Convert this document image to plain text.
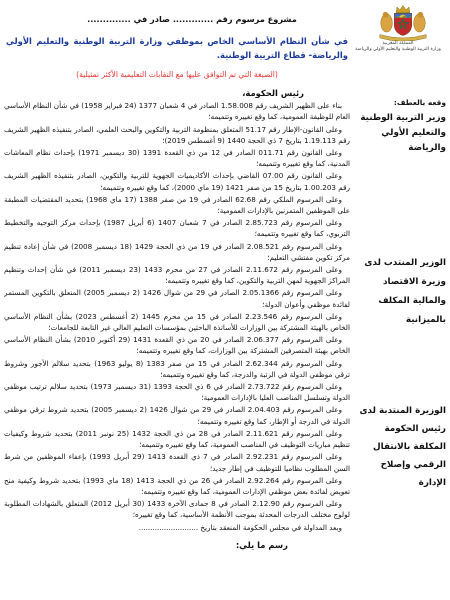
المملكة المغربية
وزارة التربية الوطنية والتعليم الأولي والرياضة
مشروع مرسوم رقم ............. صادر في ..............
في شأن النظام الأساسي الخاص بموظفي وزارة التربية الوطنية والتعليم الأولي والرياضة- قطاع التربية الوطنية.
(الصيغة التي تم التوافق عليها مع النقابات التعليمية الأكثر تمثيلية)
رئيس الحكومة،

بناء على الظهير الشريف رقم 1.58.008 الصادر في 4 شعبان 1377 (24 فبراير 1958) في شأن النظام الأساسي العام للوظيفة العمومية، كما وقع تغييره وتتميمه؛

وعلى القانون-الإطار رقم 51.17 المتعلق بمنظومة التربية والتكوين والبحث العلمي، الصادر بتنفيذه الظهير الشريف رقم 1.19.113 بتاريخ 7 ذي الحجة 1440 (9 أغسطس 2019)؛

وعلى القانون رقم 011.71 الصادر في 12 من ذي القعدة 1391 (30 ديسمبر 1971) بإحداث نظام المعاشات المدنية، كما وقع تغييره وتتميمه؛

وعلى القانون رقم 07.00 القاضي بإحداث الأكاديميات الجهوية للتربية والتكوين، الصادر بتنفيذه الظهير الشريف رقم 1.00.203 بتاريخ 15 من صفر 1421 (19 ماي 2000)، كما وقع تغييره وتتميمه؛

وعلى المرسوم الملكي رقم 62.68 الصادر في 19 من صفر 1388 (17 ماي 1968) بتحديد المقتضيات المطبقة على الموظفين المتمرنين بالإدارات العمومية؛

وعلى المرسوم رقم 2.85.723 الصادر في 7 شعبان 1407 (6 أبريل 1987) بإحداث مركز التوجيه والتخطيط التربوي، كما وقع تغييره وتتميمه؛

وعلى المرسوم رقم 2.08.521 الصادر في 19 من ذي الحجة 1429 (18 ديسمبر 2008) في شأن إعادة تنظيم مركز تكوين مفتشي التعليم؛

وعلى المرسوم رقم 2.11.672 الصادر في 27 من محرم 1433 (23 ديسمبر 2011) في شأن إحداث وتنظيم المراكز الجهوية لمهن التربية والتكوين، كما وقع تغييره وتتميمه؛

وعلى المرسوم رقم 2.05.1366 الصادر في 29 من شوال 1426 (2 ديسمبر 2005) المتعلق بالتكوين المستمر لفائدة موظفي وأعوان الدولة؛

وعلى المرسوم رقم 2.23.546 الصادر في 15 من محرم 1445 (2 أغسطس 2023) بشأن النظام الأساسي الخاص بالهيئة المشتركة بين الوزارات للأساتذة الباحثين بمؤسسات التعليم العالي غير التابعة للجامعات؛

وعلى المرسوم رقم 2.06.377 الصادر في 20 من ذي القعدة 1431 (29 أكتوبر 2010) بشأن النظام الأساسي الخاص بهيئة المتصرفين المشتركة بين الوزارات، كما وقع تغييره وتتميمه؛

وعلى المرسوم رقم 2.62.344 الصادر في 15 من صفر 1383 (8 يوليو 1963) بتحديد سلالم الأجور وشروط ترقي موظفي الدولة في الرتبة والدرجة، كما وقع تغييره وتتميمه؛

وعلى المرسوم رقم 2.73.722 الصادر في 6 ذي الحجة 1393 (31 ديسمبر 1973) بتحديد سلالم ترتيب موظفي الدولة وتسلسل المناصب العليا بالإدارات العمومية؛

وعلى المرسوم رقم 2.04.403 الصادر في 29 من شوال 1426 (2 ديسمبر 2005) بتحديد شروط ترقي موظفي الدولة في الدرجة أو الإطار، كما وقع تغييره وتتميمه؛

وعلى المرسوم رقم 2.11.621 الصادر في 28 من ذي الحجة 1432 (25 نونبر 2011) بتحديد شروط وكيفيات تنظيم مباريات التوظيف في المناصب العمومية، كما وقع تغييره وتتميمه؛

وعلى المرسوم رقم 2.92.231 الصادر في 7 ذي القعدة 1413 (29 أبريل 1993) بإعفاء الموظفين من شرط السن المطلوب نظاميا للتوظيف في إطار جديد؛

وعلى المرسوم رقم 2.92.264 الصادر في 26 من ذي الحجة 1413 (18 ماي 1993) بتحديد شروط وكيفية منح تعويض لفائدة بعض موظفي الإدارات العمومية، كما وقع تغييره وتتميمه؛

وعلى المرسوم رقم 2.12.90 الصادر في 8 جمادى الآخرة 1433 (30 أبريل 2012) المتعلق بالشهادات المطلوبة لولوج مختلف الدرجات المحدثة بموجب الأنظمة الأساسية، كما وقع تغييره؛

وبعد المداولة في مجلس الحكومة المنعقد بتاريخ ..........................
رسم ما يلي:
وقعه بالعطف:
وزير التربية الوطنية والتعليم الأولي والرياضة
الوزير المنتدب لدى وزيرة الاقتصاد والمالية المكلف بالميزانية
الوزيرة المنتدبة لدى رئيس الحكومة المكلفة بالانتقال الرقمي وإصلاح الإدارة
